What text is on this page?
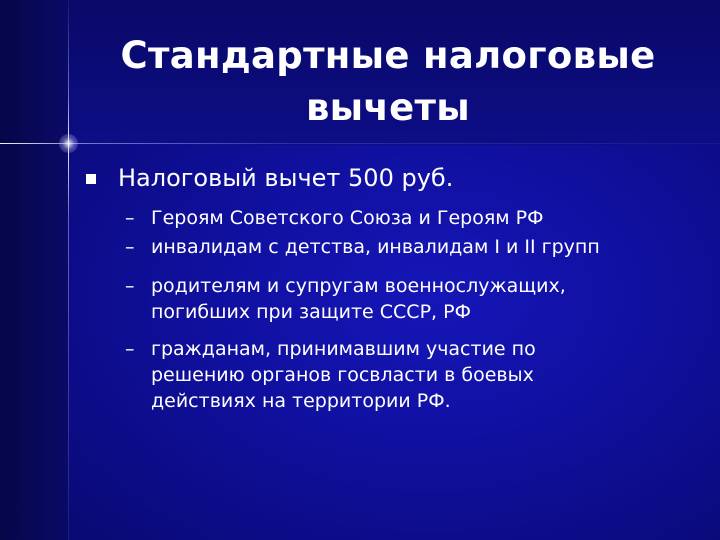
Стандартные налоговые
вычеты
Налоговый вычет 500 руб.
– Героям Советского Союза и Героям РФ
– инвалидам с детства, инвалидам I и II групп
– родителям и супругам военнослужащих,
погибших при защите СССР, РФ
– гражданам, принимавшим участие по
решению органов госвласти в боевых
действиях на территории РФ.
